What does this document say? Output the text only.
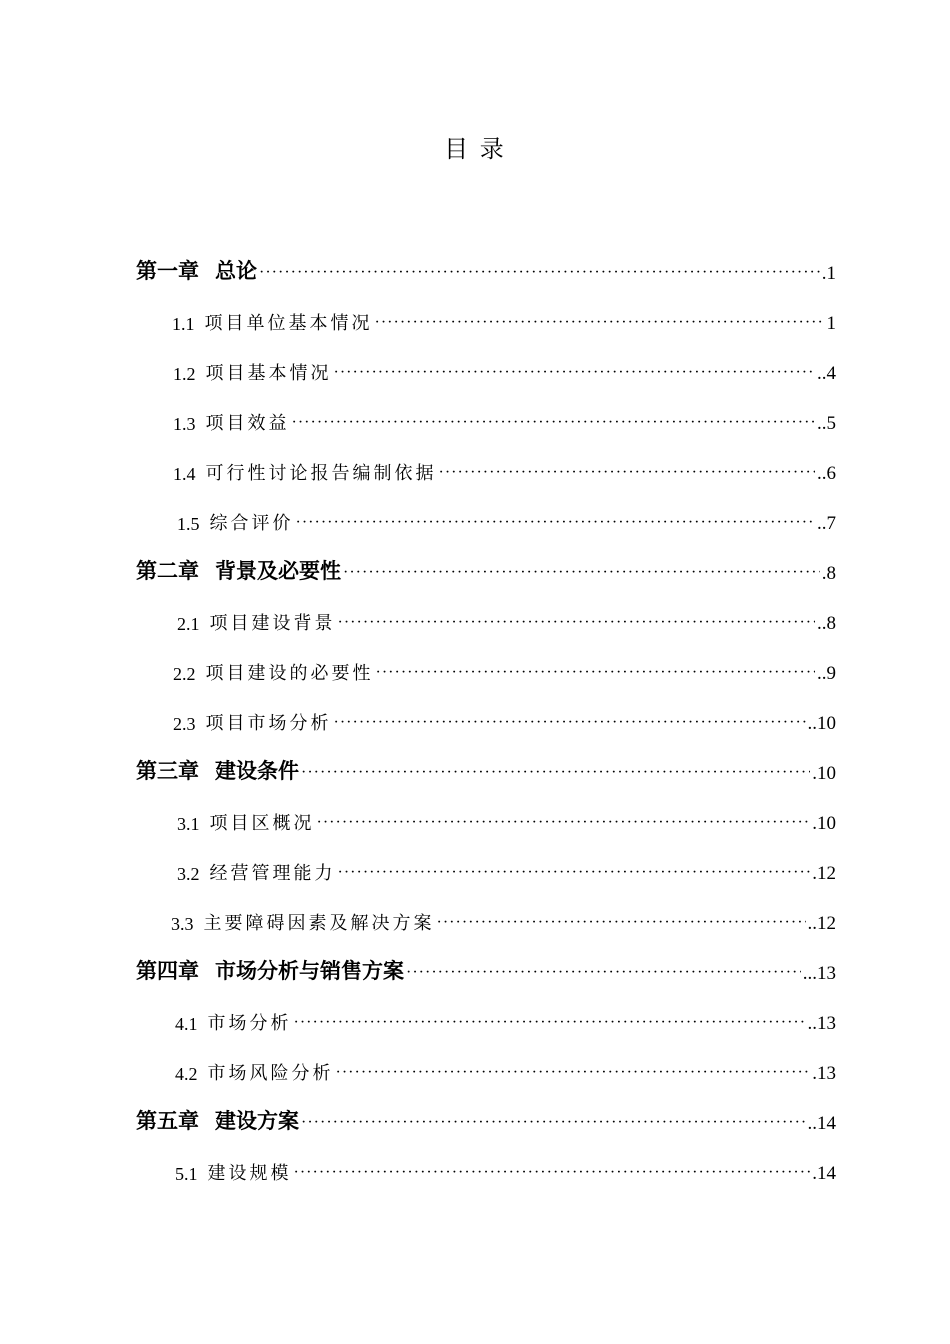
目 录
第一章 总论 ·····	.1
1.1 项目单位基本情况 ·····	1
1.2 项目基本情况 ·····	..4
1.3 项目效益 ·····	..5
1.4 可行性讨论报告编制依据 ·····	..6
1.5 综合评价 ·····	..7
第二章 背景及必要性 ·····	.8
2.1 项目建设背景 ·····	..8
2.2 项目建设的必要性 ·····	..9
2.3 项目市场分析 ·····	..10
第三章 建设条件 ·····	.10
3.1 项目区概况 ·····	.10
3.2 经营管理能力 ·····	.12
3.3 主要障碍因素及解决方案 ·····	..12
第四章 市场分析与销售方案 ·····	...13
4.1 市场分析 ·····	..13
4.2 市场风险分析 ·····	.13
第五章 建设方案 ·····	..14
5.1 建设规模 ·····	.14
